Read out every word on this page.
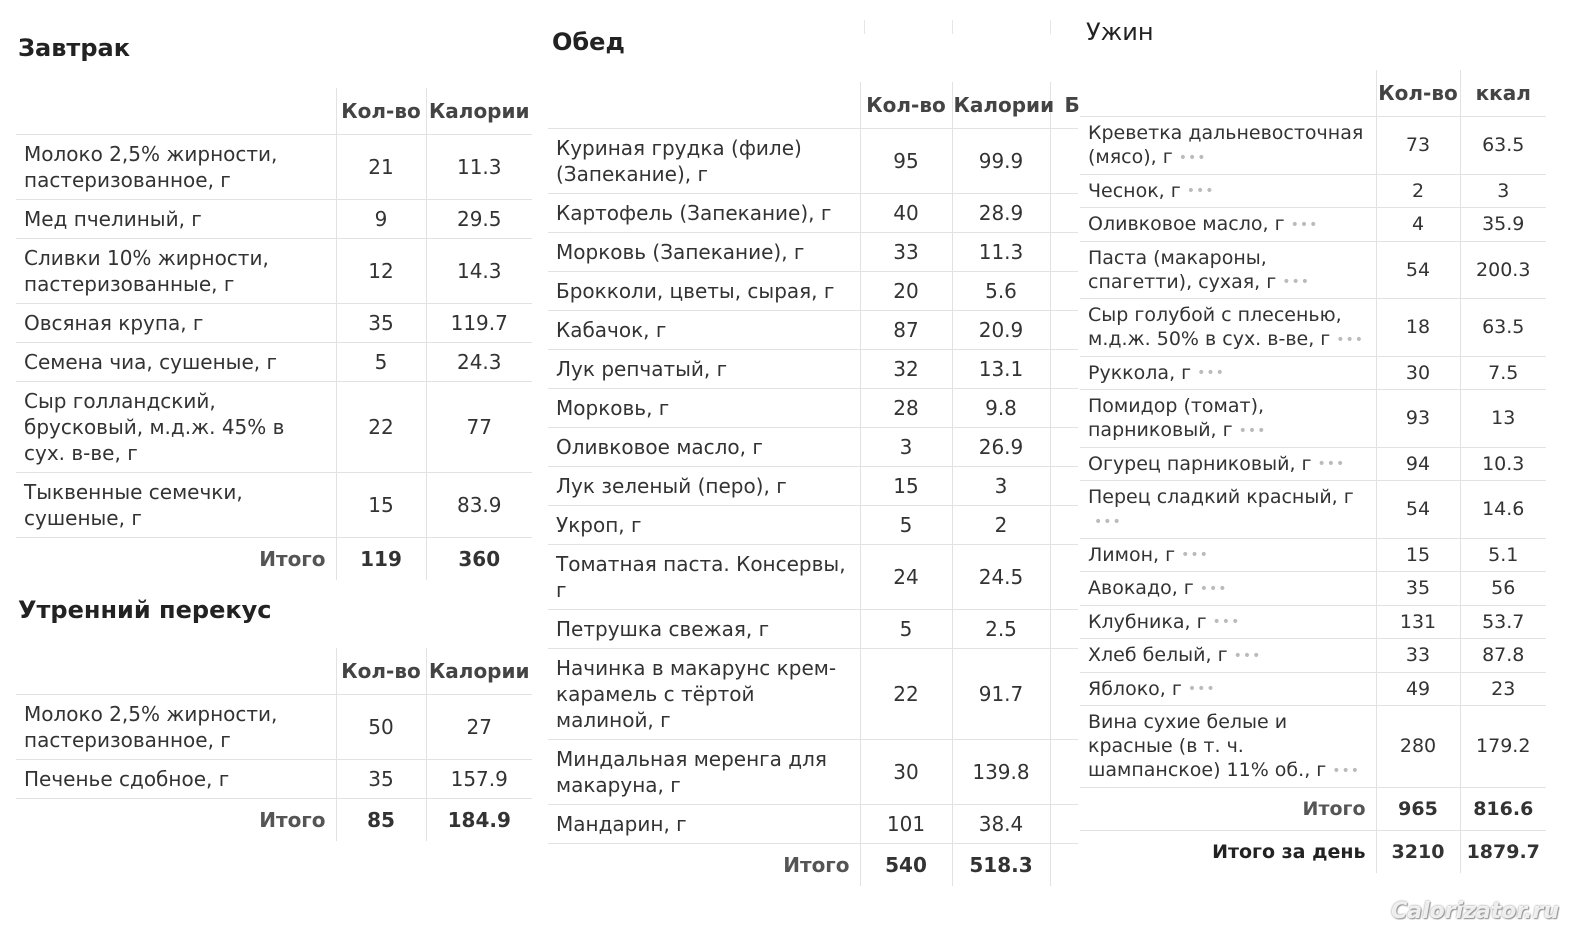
Завтрак
	Кол-во	Калории
Молоко 2,5% жирности, пастеризованное, г	21	11.3
Мед пчелиный, г	9	29.5
Сливки 10% жирности, пастеризованные, г	12	14.3
Овсяная крупа, г	35	119.7
Семена чиа, сушеные, г	5	24.3
Сыр голландский, брусковый, м.д.ж. 45% в сух. в-ве, г	22	77
Тыквенные семечки, сушеные, г	15	83.9
Итого	119	360
Утренний перекус
	Кол-во	Калории
Молоко 2,5% жирности, пастеризованное, г	50	27
Печенье сдобное, г	35	157.9
Итого	85	184.9
Обед
	Кол-во	Калории	Б
Куриная грудка (филе) (Запекание), г	95	99.9	
Картофель (Запекание), г	40	28.9	
Морковь (Запекание), г	33	11.3	
Брокколи, цветы, сырая, г	20	5.6	
Кабачок, г	87	20.9	
Лук репчатый, г	32	13.1	
Морковь, г	28	9.8	
Оливковое масло, г	3	26.9	
Лук зеленый (перо), г	15	3	
Укроп, г	5	2	
Томатная паста. Консервы, г	24	24.5	
Петрушка свежая, г	5	2.5	
Начинка в макарунс крем-карамель с тёртой малиной, г	22	91.7	
Миндальная меренга для макаруна, г	30	139.8	
Мандарин, г	101	38.4	
Итого	540	518.3	
Ужин
	Кол-во	ккал
Креветка дальневосточная (мясо), г •••	73	63.5
Чеснок, г •••	2	3
Оливковое масло, г •••	4	35.9
Паста (макароны, спагетти), сухая, г •••	54	200.3
Сыр голубой с плесенью, м.д.ж. 50% в сух. в-ве, г •••	18	63.5
Руккола, г •••	30	7.5
Помидор (томат), парниковый, г •••	93	13
Огурец парниковый, г •••	94	10.3
Перец сладкий красный, г•••	54	14.6
Лимон, г •••	15	5.1
Авокадо, г •••	35	56
Клубника, г •••	131	53.7
Хлеб белый, г •••	33	87.8
Яблоко, г •••	49	23
Вина сухие белые и красные (в т. ч. шампанское) 11% об., г •••	280	179.2
Итого	965	816.6
Итого за день	3210	1879.7
Calorizator.ru
